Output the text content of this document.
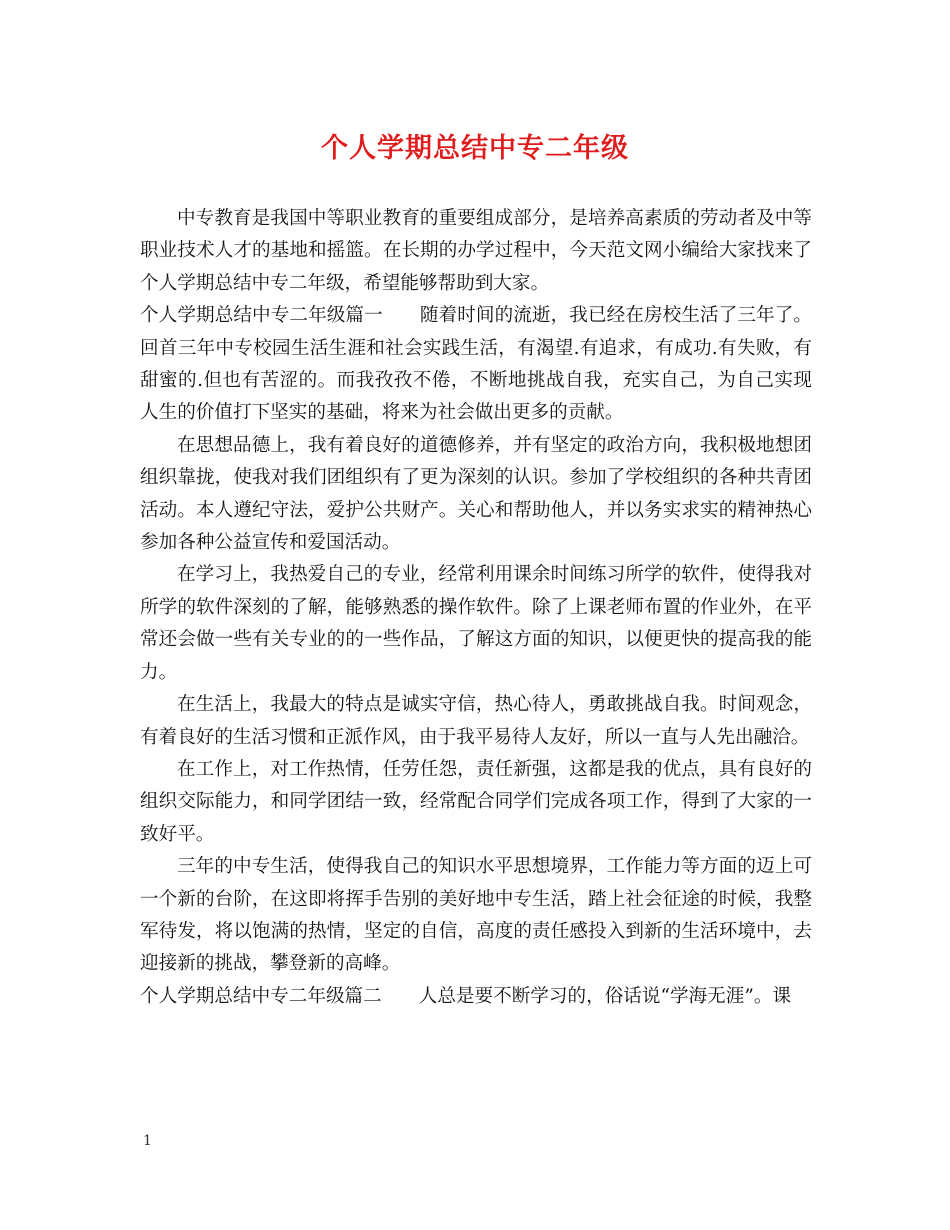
个人学期总结中专二年级

中专教育是我国中等职业教育的重要组成部分，是培养高素质的劳动者及中等职业技术人才的基地和摇篮。在长期的办学过程中，今天范文网小编给大家找来了个人学期总结中专二年级，希望能够帮助到大家。

个人学期总结中专二年级篇一 随着时间的流逝，我已经在房校生活了三年了。回首三年中专校园生活生涯和社会实践生活，有渴望.有追求，有成功.有失败，有甜蜜的.但也有苦涩的。而我孜孜不倦，不断地挑战自我，充实自己，为自己实现人生的价值打下坚实的基础，将来为社会做出更多的贡献。

在思想品德上，我有着良好的道德修养，并有坚定的政治方向，我积极地想团组织靠拢，使我对我们团组织有了更为深刻的认识。参加了学校组织的各种共青团活动。本人遵纪守法，爱护公共财产。关心和帮助他人，并以务实求实的精神热心参加各种公益宣传和爱国活动。

在学习上，我热爱自己的专业，经常利用课余时间练习所学的软件，使得我对所学的软件深刻的了解，能够熟悉的操作软件。除了上课老师布置的作业外，在平常还会做一些有关专业的的一些作品，了解这方面的知识，以便更快的提高我的能力。

在生活上，我最大的特点是诚实守信，热心待人，勇敢挑战自我。时间观念，有着良好的生活习惯和正派作风，由于我平易待人友好，所以一直与人先出融洽。

在工作上，对工作热情，任劳任怨，责任新强，这都是我的优点，具有良好的组织交际能力，和同学团结一致，经常配合同学们完成各项工作，得到了大家的一致好平。

三年的中专生活，使得我自己的知识水平思想境界，工作能力等方面的迈上可一个新的台阶，在这即将挥手告别的美好地中专生活，踏上社会征途的时候，我整军待发，将以饱满的热情，坚定的自信，高度的责任感投入到新的生活环境中，去迎接新的挑战，攀登新的高峰。

个人学期总结中专二年级篇二 人总是要不断学习的，俗话说“学海无涯”。课

1
